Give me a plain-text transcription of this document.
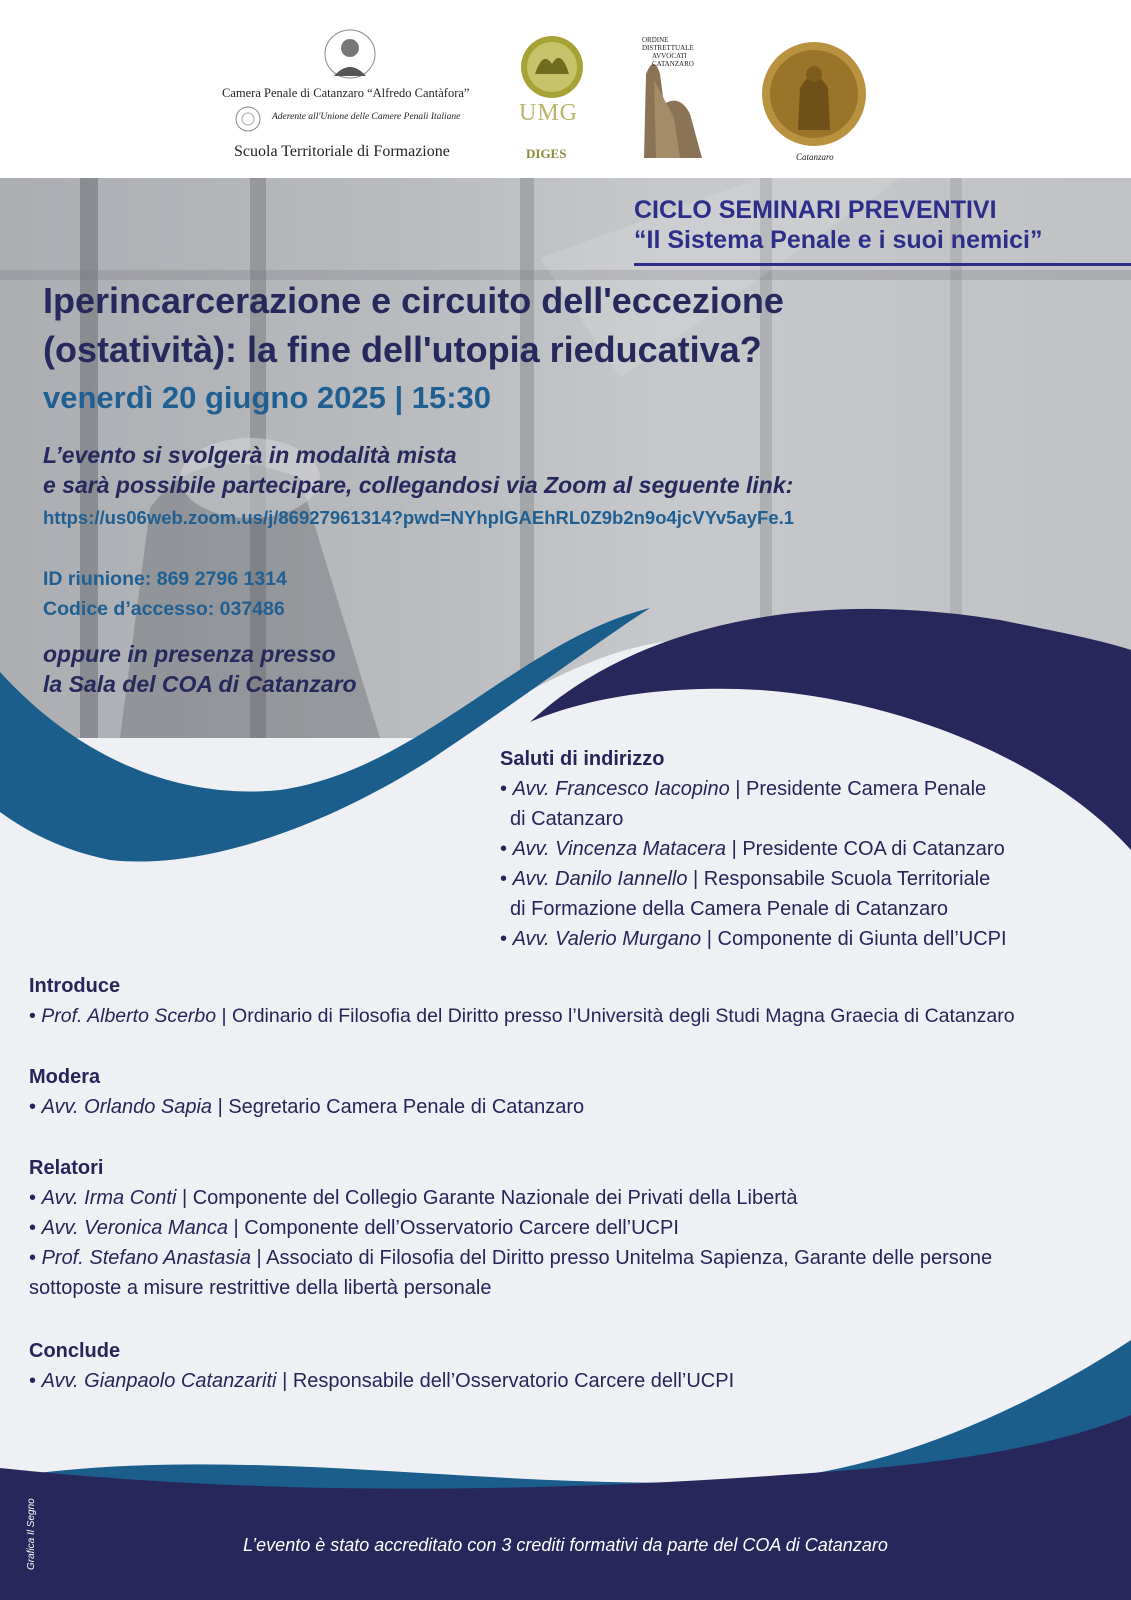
Camera Penale di Catanzaro “Alfredo Cantàfora”
Aderente all'Unione delle Camere Penali Italiane
Scuola Territoriale di Formazione
UMG
DIGES
ORDINE
DISTRETTUALE
AVVOCATI
CATANZARO
Catanzaro
CICLO SEMINARI PREVENTIVI
“Il Sistema Penale e i suoi nemici”
Iperincarcerazione e circuito dell'eccezione
(ostatività): la fine dell'utopia rieducativa?
venerdì 20 giugno 2025 | 15:30
L’evento si svolgerà in modalità mista
e sarà possibile partecipare, collegandosi via Zoom al seguente link:
https://us06web.zoom.us/j/86927961314?pwd=NYhplGAEhRL0Z9b2n9o4jcVYv5ayFe.1
ID riunione: 869 2796 1314
Codice d’accesso: 037486
oppure in presenza presso
la Sala del COA di Catanzaro
Saluti di indirizzo
• Avv. Francesco Iacopino | Presidente Camera Penale
di Catanzaro
• Avv. Vincenza Matacera | Presidente COA di Catanzaro
• Avv. Danilo Iannello | Responsabile Scuola Territoriale
di Formazione della Camera Penale di Catanzaro
• Avv. Valerio Murgano | Componente di Giunta dell’UCPI
Introduce
• Prof. Alberto Scerbo | Ordinario di Filosofia del Diritto presso l’Università degli Studi Magna Graecia di Catanzaro
Modera
• Avv. Orlando Sapia | Segretario Camera Penale di Catanzaro
Relatori
• Avv. Irma Conti | Componente del Collegio Garante Nazionale dei Privati della Libertà
• Avv. Veronica Manca | Componente dell’Osservatorio Carcere dell’UCPI
• Prof. Stefano Anastasia | Associato di Filosofia del Diritto presso Unitelma Sapienza, Garante delle persone
sottoposte a misure restrittive della libertà personale
Conclude
• Avv. Gianpaolo Catanzariti | Responsabile dell’Osservatorio Carcere dell’UCPI
L’evento è stato accreditato con 3 crediti formativi da parte del COA di Catanzaro
Grafica Il Segno
